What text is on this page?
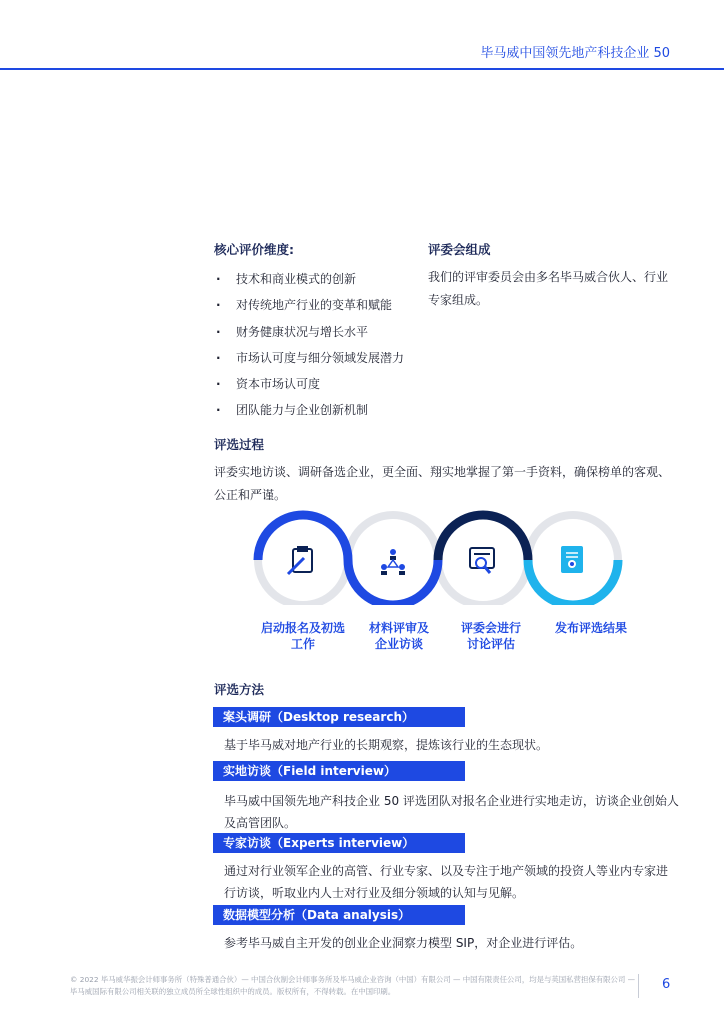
毕马威中国领先地产科技企业 50
核心评价维度:
· 技术和商业模式的创新
· 对传统地产行业的变革和赋能
· 财务健康状况与增长水平
· 市场认可度与细分领域发展潜力
· 资本市场认可度
· 团队能力与企业创新机制
评委会组成
我们的评审委员会由多名毕马威合伙人、行业专家组成。
评选过程
评委实地访谈、调研备选企业，更全面、翔实地掌握了第一手资料，确保榜单的客观、公正和严谨。
启动报名及初选
工作
材料评审及
企业访谈
评委会进行
讨论评估
发布评选结果
评选方法
案头调研（Desktop research）
基于毕马威对地产行业的长期观察，提炼该行业的生态现状。
实地访谈（Field interview）
毕马威中国领先地产科技企业 50 评选团队对报名企业进行实地走访，访谈企业创始人及高管团队。
专家访谈（Experts interview）
通过对行业领军企业的高管、行业专家、以及专注于地产领域的投资人等业内专家进行访谈，听取业内人士对行业及细分领域的认知与见解。
数据模型分析（Data analysis）
参考毕马威自主开发的创业企业洞察力模型 SIP，对企业进行评估。
© 2022 毕马威华振会计师事务所（特殊普通合伙）— 中国合伙制会计师事务所及毕马威企业咨询（中国）有限公司 — 中国有限责任公司，均是与英国私营担保有限公司 — 毕马威国际有限公司相关联的独立成员所全球性组织中的成员。版权所有，不得转载。在中国印刷。	6
